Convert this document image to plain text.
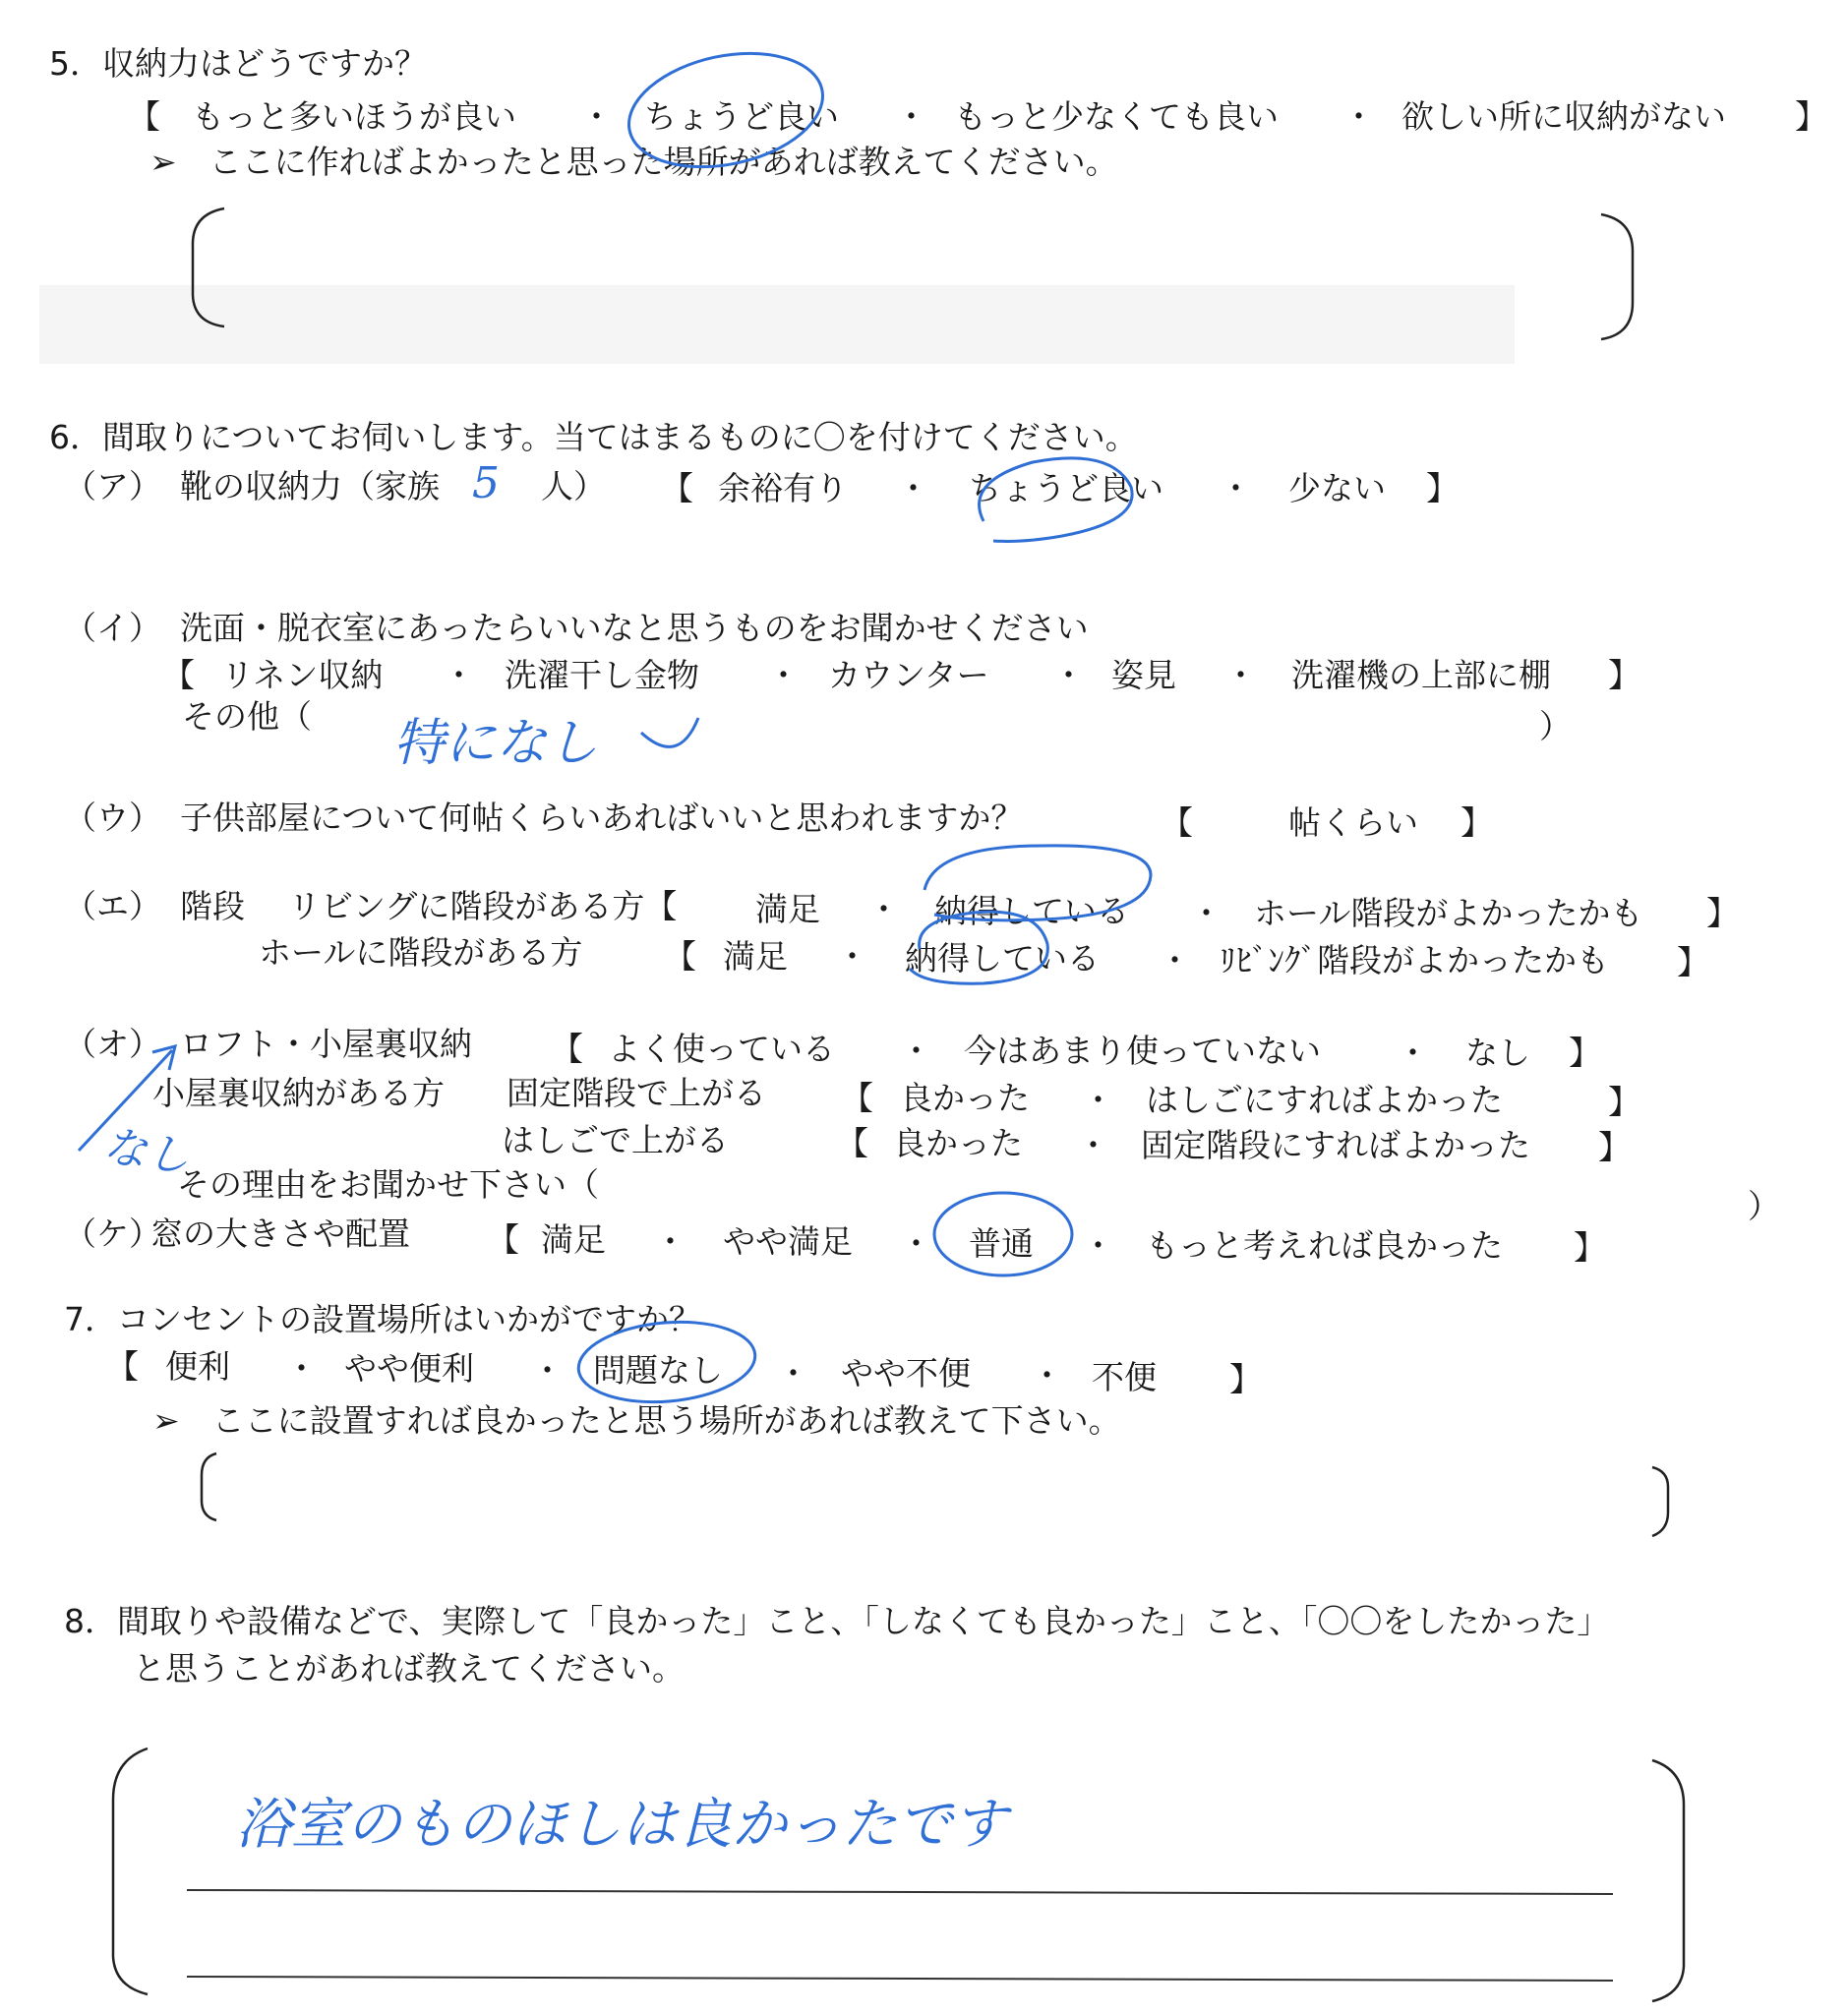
5．収納力はどうですか？
【 もっと多いほうが良い ・ ちょうど良い ・ もっと少なくても良い ・ 欲しい所に収納がない 】
➢　ここに作ればよかったと思った場所があれば教えてください。
6．間取りについてお伺いします。当てはまるものに〇を付けてください。
（ア） 靴の収納力（家族 5 人） 【 余裕有り ・ ちょうど良い ・ 少ない 】
（イ） 洗面・脱衣室にあったらいいなと思うものをお聞かせください
【 リネン収納 ・ 洗濯干し金物 ・ カウンター ・ 姿見 ・ 洗濯機の上部に棚 】
その他（	）
特になし
（ウ） 子供部屋について何帖くらいあればいいと思われますか？	【	帖くらい 】
（エ） 階段 リビングに階段がある方【 満足 ・ 納得している ・ ホール階段がよかったかも 】
ホールに階段がある方	【 満足 ・ 納得している ・ ﾘﾋﾞﾝｸﾞ階段がよかったかも 】
（オ） ロフト・小屋裏収納 【 よく使っている ・ 今はあまり使っていない ・ なし 】
小屋裏収納がある方 固定階段で上がる 【 良かった ・ はしごにすればよかった	】
はしごで上がる	【 良かった ・ 固定階段にすればよかった 】
なし
その理由をお聞かせ下さい（
）
（ケ）
窓の大きさや配置 【 満足 ・ やや満足 ・ 普通 ・ もっと考えれば良かった 】
7．コンセントの設置場所はいかがですか？
【 便利 ・ やや便利 ・ 問題なし ・ やや不便 ・ 不便 】
➢　ここに設置すれば良かったと思う場所があれば教えて下さい。
8．間取りや設備などで、実際して「良かった」こと、「しなくても良かった」こと、「〇〇をしたかった」
と思うことがあれば教えてください。
浴室のものほしは良かったです
